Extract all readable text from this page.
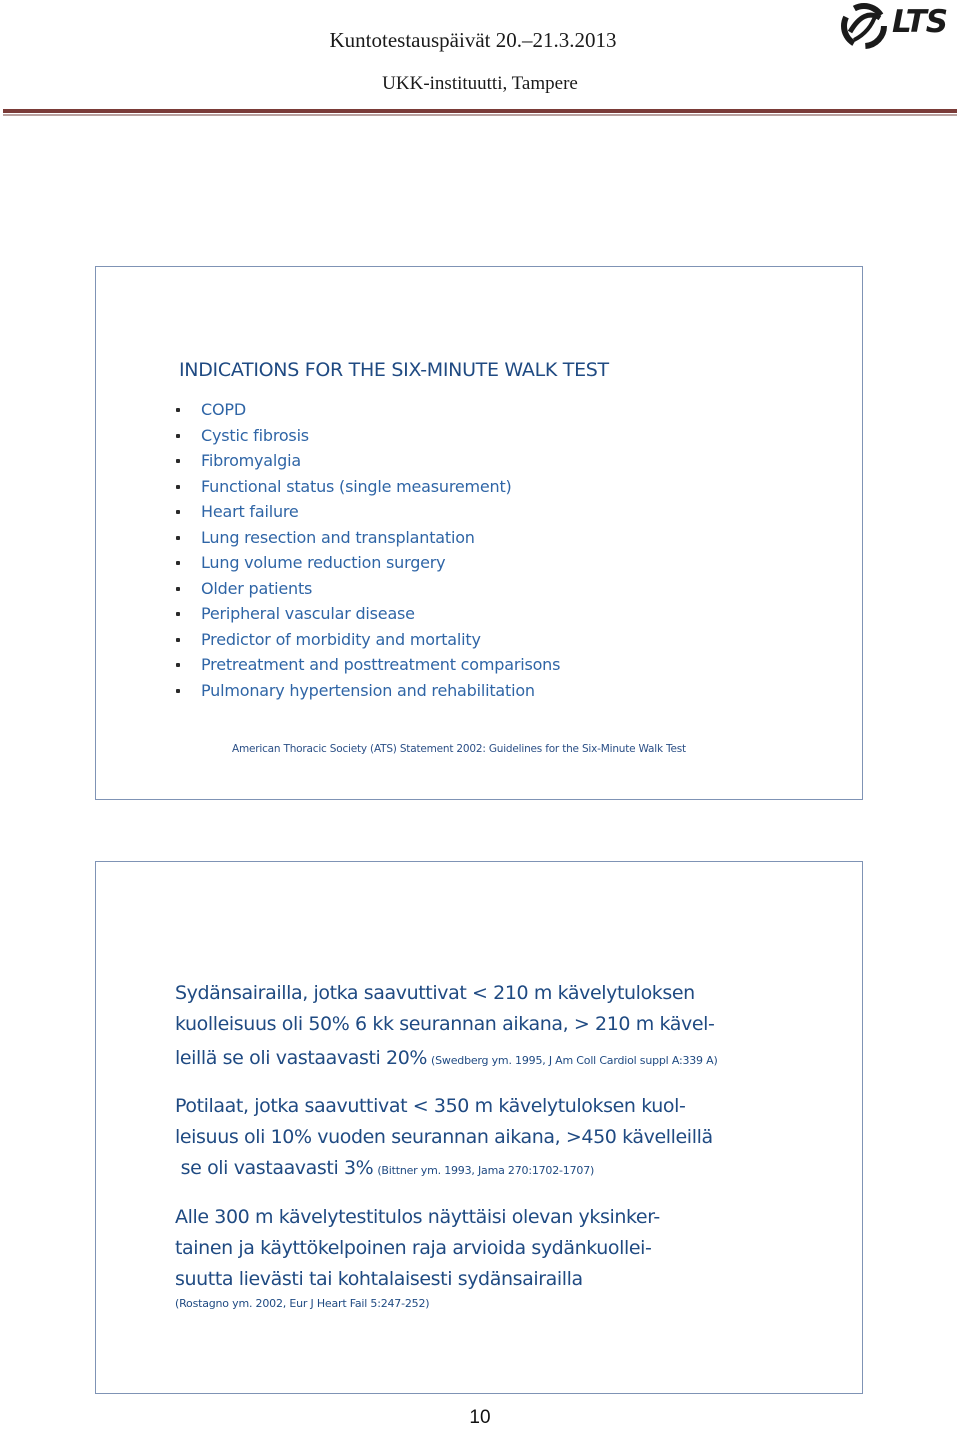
Kuntotestauspäivät 20.–21.3.2013
UKK-instituutti, Tampere
LTS
INDICATIONS FOR THE SIX-MINUTE WALK TEST
COPD
Cystic fibrosis
Fibromyalgia
Functional status (single measurement)
Heart failure
Lung resection and transplantation
Lung volume reduction surgery
Older patients
Peripheral vascular disease
Predictor of morbidity and mortality
Pretreatment and posttreatment comparisons
Pulmonary hypertension and rehabilitation
American Thoracic Society (ATS) Statement 2002: Guidelines for the Six-Minute Walk Test
Sydänsairailla, jotka saavuttivat < 210 m kävelytuloksen
kuolleisuus oli 50% 6 kk seurannan aikana, > 210 m kävel-
leillä se oli vastaavasti 20% (Swedberg ym. 1995, J Am Coll Cardiol suppl A:339 A)
Potilaat, jotka saavuttivat < 350 m kävelytuloksen kuol-
leisuus oli 10% vuoden seurannan aikana, >450 kävelleillä
se oli vastaavasti 3% (Bittner ym. 1993, Jama 270:1702-1707)
Alle 300 m kävelytestitulos näyttäisi olevan yksinker-
tainen ja käyttökelpoinen raja arvioida sydänkuollei-
suutta lievästi tai kohtalaisesti sydänsairailla
(Rostagno ym. 2002, Eur J Heart Fail 5:247-252)
10
